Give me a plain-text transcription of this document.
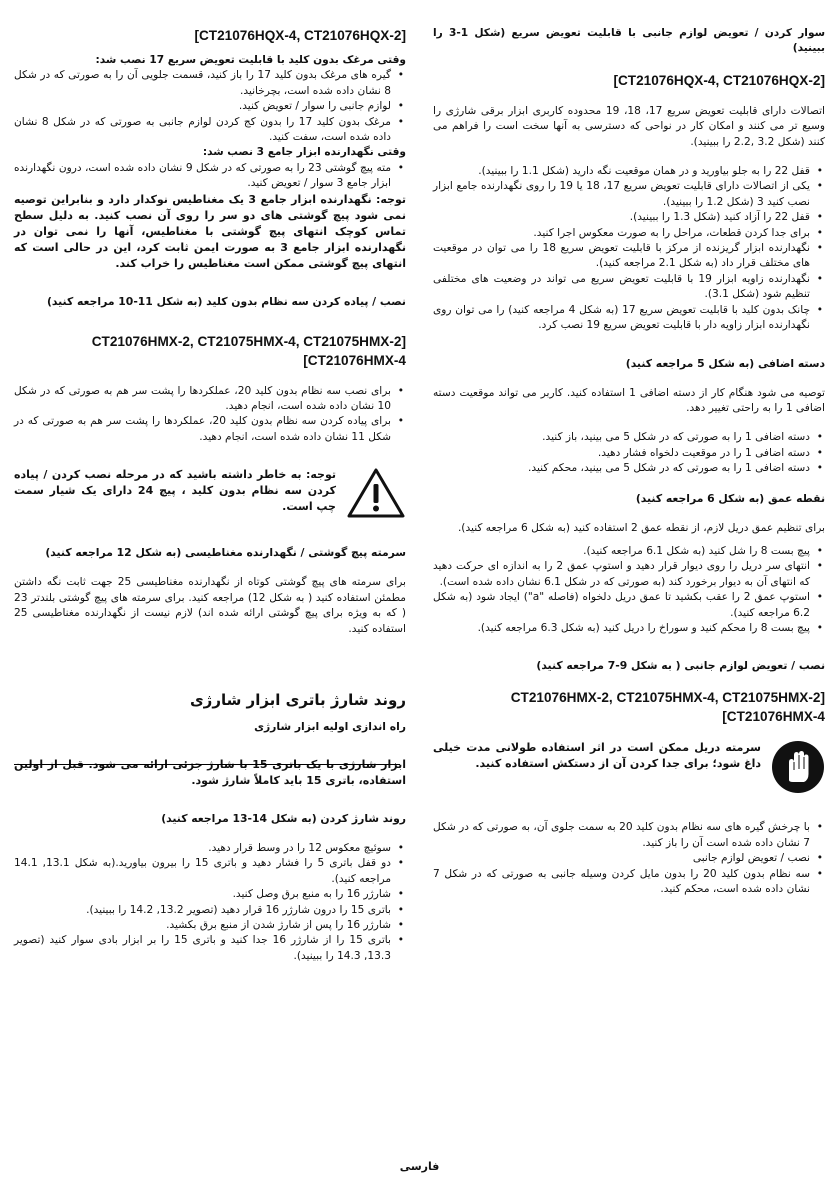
سوار کردن / تعویض لوازم جانبی با قابلیت تعویض سریع (شکل 1-3 را ببینید)

[CT21076HQX-4, CT21076HQX-2]

اتصالات دارای قابلیت تعویض سریع 17، 18، 19 محدوده کاربری ابزار برقی شارژی را وسیع تر می کنند و امکان کار در نواحی که دسترسی به آنها سخت است را فراهم می کنند (شکل 3.2 ,2.2 را ببینید).

• قفل 22 را به جلو بیاورید و در همان موقعیت نگه دارید (شکل 1.1 را ببینید).
• یکی از اتصالات دارای قابلیت تعویض سریع 17، 18 یا 19 را روی نگهدارنده جامع ابزار نصب کنید 3 (شکل 1.2 را ببینید).
• قفل 22 را آزاد کنید (شکل 1.3 را ببینید).
• برای جدا کردن قطعات، مراحل را به صورت معکوس اجرا کنید.
• نگهدارنده ابزار گریزنده از مرکز با قابلیت تعویض سریع 18 را می توان در موقعیت های مختلف قرار داد (به شکل 2.1 مراجعه کنید).
• نگهدارنده زاویه ابزار 19 با قابلیت تعویض سریع می تواند در وضعیت های مختلفی تنظیم شود (شکل 3.1).
• چانک بدون کلید با قابلیت تعویض سریع 17 (به شکل 4 مراجعه کنید) را می توان روی نگهدارنده ابزار زاویه دار با قابلیت تعویض سریع 19 نصب کرد.

دسته اضافی (به شکل 5 مراجعه کنید)

توصیه می شود هنگام کار از دسته اضافی 1 استفاده کنید. کاربر می تواند موقعیت دسته اضافی 1 را به راحتی تغییر دهد.

• دسته اضافی 1 را به صورتی که در شکل 5 می بینید، باز کنید.
• دسته اضافی 1 را در موقعیت دلخواه فشار دهید.
• دسته اضافی 1 را به صورتی که در شکل 5 می بینید، محکم کنید.

نقطه عمق (به شکل 6 مراجعه کنید)

برای تنظیم عمق دریل لازم، از نقطه عمق 2 استفاده کنید (به شکل 6 مراجعه کنید).

• پیچ بست 8 را شل کنید (به شکل 6.1 مراجعه کنید).
• انتهای سر دریل را روی دیوار قرار دهید و استوپ عمق 2 را به اندازه ای حرکت دهید که انتهای آن به دیوار برخورد کند (به صورتی که در شکل 6.1 نشان داده شده است).
• استوپ عمق 2 را عقب بکشید تا عمق دریل دلخواه (فاصله "a") ایجاد شود (به شکل 6.2 مراجعه کنید).
• پیچ بست 8 را محکم کنید و سوراخ را دریل کنید (به شکل 6.3 مراجعه کنید).

نصب / تعویض لوازم جانبی ( به شکل 9-7 مراجعه کنید)

CT21076HMX-2, CT21075HMX-4, CT21075HMX-2]
[CT21076HMX-4

سرمته دریل ممکن است در اثر استفاده طولانی مدت خیلی داغ شود؛ برای جدا کردن آن از دستکش استفاده کنید.

• با چرخش گیره های سه نظام بدون کلید 20 به سمت جلوی آن، به صورتی که در شکل 7 نشان داده شده است آن را باز کنید.
• نصب / تعویض لوازم جانبی
• سه نظام بدون کلید 20 را بدون مایل کردن وسیله جانبی به صورتی که در شکل 7 نشان داده شده است، محکم کنید.

[CT21076HQX-4, CT21076HQX-2]

وقتی مرغک بدون کلید با قابلیت تعویض سریع 17 نصب شد:

• گیره های مرغک بدون کلید 17 را باز کنید، قسمت جلویی آن را به صورتی که در شکل 8 نشان داده شده است، بچرخانید.
• لوازم جانبی را سوار / تعویض کنید.
• مرغک بدون کلید 17 را بدون کج کردن لوازم جانبی به صورتی که در شکل 8 نشان داده شده است، سفت کنید.

وقتی نگهدارنده ابزار جامع 3 نصب شد:

• مته پیچ گوشتی 23 را به صورتی که در شکل 9 نشان داده شده است، درون نگهدارنده ابزار جامع 3 سوار / تعویض کنید.

توجه: نگهدارنده ابزار جامع 3 یک مغناطیس نوکدار دارد و بنابراین توصیه نمی شود پیچ گوشتی های دو سر را روی آن نصب کنید. به دلیل سطح تماس کوچک انتهای پیچ گوشتی با مغناطیس، آنها را نمی توان در نگهدارنده ابزار جامع 3 به صورت ایمن ثابت کرد، این در حالی است که انتهای پیچ گوشتی ممکن است مغناطیس را خراب کند.

نصب / پیاده کردن سه نظام بدون کلید (به شکل 11-10 مراجعه کنید)

CT21076HMX-2, CT21075HMX-4, CT21075HMX-2]
[CT21076HMX-4

• برای نصب سه نظام بدون کلید 20، عملکردها را پشت سر هم به صورتی که در شکل 10 نشان داده شده است، انجام دهید.
• برای پیاده کردن سه نظام بدون کلید 20، عملکردها را پشت سر هم به صورتی که در شکل 11 نشان داده شده است، انجام دهید.

توجه: به خاطر داشته باشید که در مرحله نصب کردن / پیاده کردن سه نظام بدون کلید ، پیچ 24 دارای یک شیار سمت چپ است.

سرمته پیچ گوشتی / نگهدارنده مغناطیسی (به شکل 12 مراجعه کنید)

برای سرمته های پیچ گوشتی کوتاه از نگهدارنده مغناطیسی 25 جهت ثابت نگه داشتن مطمئن استفاده کنید ( به شکل 12) مراجعه کنید. برای سرمته های پیچ گوشتی بلندتر 23 ( که به ویژه برای پیچ گوشتی ارائه شده اند) لازم نیست از نگهدارنده مغناطیسی 25 استفاده کنید.

روند شارژ باتری ابزار شارژی

راه اندازی اولیه ابزار شارژی

ابزار شارژی با یک باتری 15 با شارژ جزئی ارائه می شود. قبل از اولین استفاده، باتری 15 باید کاملاً شارژ شود.

روند شارژ کردن (به شکل 14-13 مراجعه کنید)

• سوئیچ معکوس 12 را در وسط قرار دهید.
• دو قفل باتری 5 را فشار دهید و باتری 15 را بیرون بیاورید.(به شکل 13.1, 14.1 مراجعه کنید).
• شارژر 16 را به منبع برق وصل کنید.
• باتری 15 را درون شارژر 16 قرار دهید (تصویر 13.2, 14.2 را ببینید).
• شارژر 16 را پس از شارژ شدن از منبع برق بکشید.
• باتری 15 را از شارژر 16 جدا کنید و باتری 15 را بر ابزار بادی سوار کنید (تصویر 13.3, 14.3 را ببینید).
فارسی
